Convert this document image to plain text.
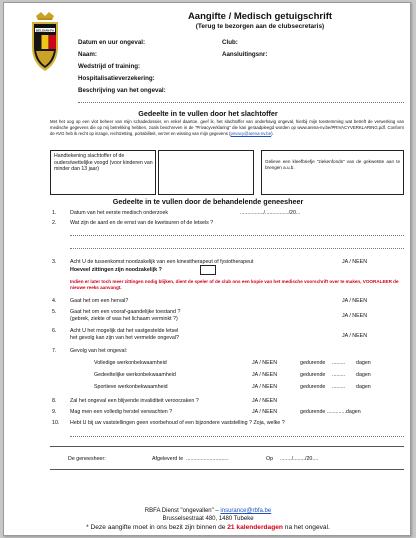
BELGIAN FA
Aangifte / Medisch getuigschrift
(Terug te bezorgen aan de clubsecretaris)
Datum en uur ongeval:	Club:
Naam:	Aansluitingsnr:
Wedstrijd of training:
Hospitalisatieverzekering:
Beschrijving van het ongeval:
Gedeelte in te vullen door het slachtoffer
Met het oog op een vlot beheer van mijn schadedossier, en enkel daartoe, geef ik, het slachtoffer van onderhavig ongeval, hierbij mijn toestemming wat betreft de verwerking van medische gegevens die op mij betrekking hebben, zoals beschreven in de "Privacyverklaring" die kan geraadpleegd worden op www.arena-nv.be/PRIVACYVERKLARING.pdf. Conform de AVG heb ik recht op inzage, rechtzetting, portabiliteit, verzet en wissing van mijn gegevens (privacy@arena-nv.be).
Handtekening slachtoffer of de ouders/wettelijke voogd (voor kinderen van minder dan 13 jaar)
Gelieve een kleefbriefje "ziekenfonds" van de gekwetste aan te brengen a.u.b.
Gedeelte in te vullen door de behandelende geneesheer
1.	Datum van het eerste medisch onderzoek	................/................/20...
2.	Wat zijn de aard en de ernst van de kwetsuren of de letsels ?
3.	Acht U de tussenkomst noodzakelijk van een kinesitherapeut of fysiotherapeut	JA / NEEN
Hoeveel zittingen zijn noodzakelijk ?
Indien er later toch meer zittingen nodig blijken, dient de speler of de club ons een kopie van het medische voorschrift over te maken, VOORALEER de nieuwe reeks aanvangt.
4.	Gaat het om een herval?	JA / NEEN
5.	Gaat het om een vooraf-gaandelijke toestand ?
(gebrek, ziekte of was het lichaam verminkt ?)	JA / NEEN
6.	Acht U het mogelijk dat het vastgestelde letsel
het gevolg kan zijn van het vermelde ongeval?	JA / NEEN
7.	Gevolg van het ongeval:
Volledige werkonbekwaamheid	JA / NEEN	gedurende ......... dagen
Gedeeltelijke werkonbekwaamheid	JA / NEEN	gedurende ......... dagen
Sportieve werkonbekwaamheid	JA / NEEN	gedurende ......... dagen
8.	Zal het ongeval een blijvende invaliditeit veroorzaken ?	JA / NEEN
9.	Mag men een volledig herstel verwachten ?	JA / NEEN	gedurende .............dagen
10. Hebt U bij uw vaststellingen geen voorbehoud of een bijzondere vaststelling ? Zoja, welke ?
De geneesheer:	Afgeleverd te .............................	Op ......../......../20....
RBFA Dienst "ongevallen" – insurance@rbfa.be
Brusselsestraat 480, 1480 Tubeke
* Deze aangifte moet in ons bezit zijn binnen de 21 kalenderdagen na het ongeval.
